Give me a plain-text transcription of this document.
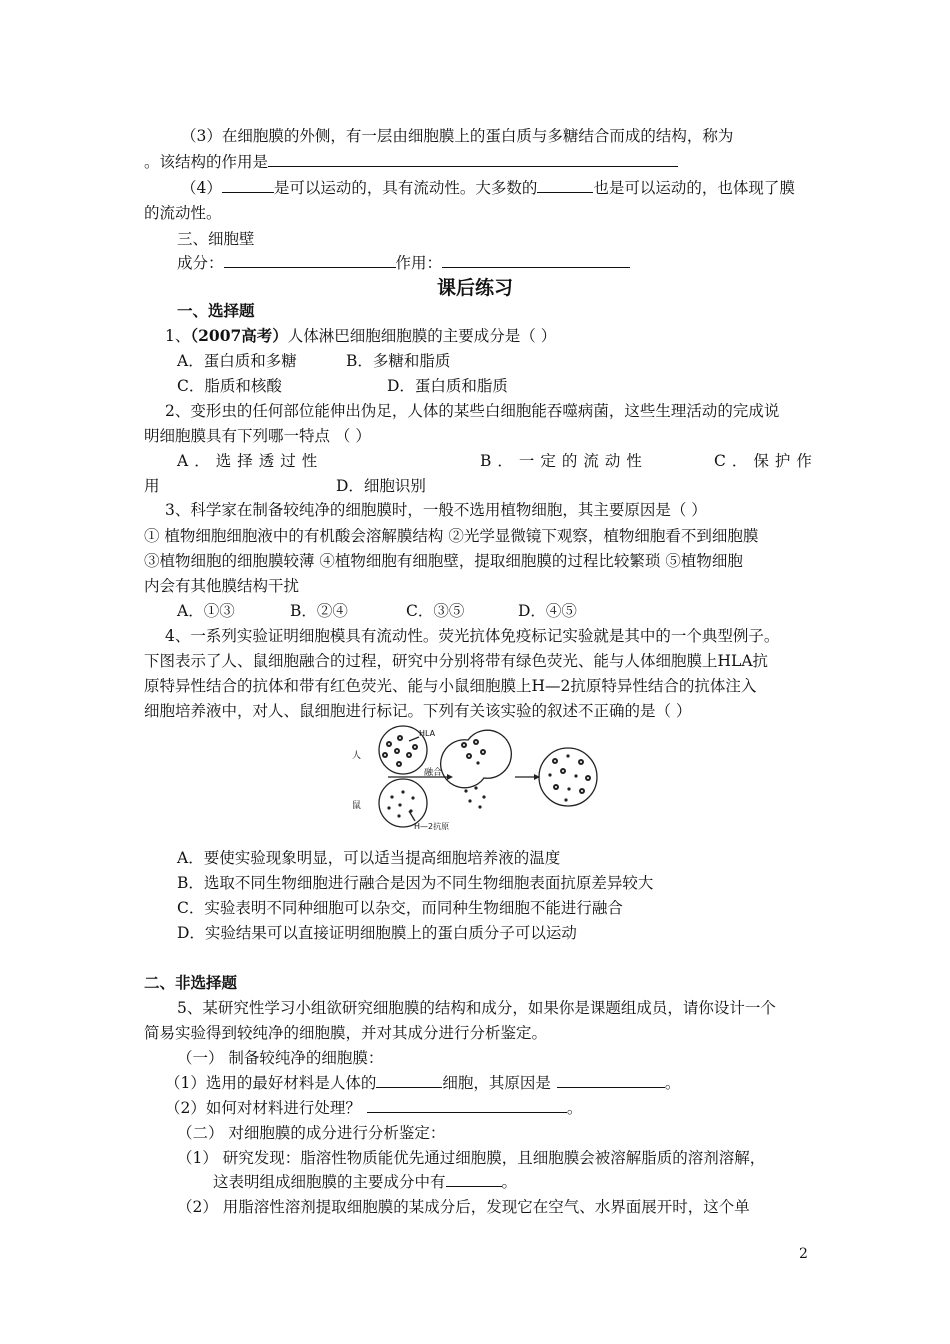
（3）在细胞膜的外侧，有一层由细胞膜上的蛋白质与多糖结合而成的结构，称为
。该结构的作用是
（4）	是可以运动的，具有流动性。大多数的	也是可以运动的，也体现了膜
的流动性。
三、细胞壁
成分：	作用：
课后练习
一、选择题
1、（2007高考）人体淋巴细胞细胞膜的主要成分是（ ）
A．蛋白质和多糖	B．多糖和脂质
C．脂质和核酸	D．蛋白质和脂质
2、变形虫的任何部位能伸出伪足，人体的某些白细胞能吞噬病菌，这些生理活动的完成说
明细胞膜具有下列哪一特点 （ ）
A．选择透过性	B．一定的流动性	C．保护作
用	D．细胞识别
3、科学家在制备较纯净的细胞膜时，一般不选用植物细胞，其主要原因是（ ）
① 植物细胞细胞液中的有机酸会溶解膜结构 ②光学显微镜下观察，植物细胞看不到细胞膜
③植物细胞的细胞膜较薄 ④植物细胞有细胞壁，提取细胞膜的过程比较繁琐 ⑤植物细胞
内会有其他膜结构干扰
A．①③	B．②④	C．③⑤	D．④⑤
4、一系列实验证明细胞模具有流动性。荧光抗体免疫标记实验就是其中的一个典型例子。
下图表示了人、鼠细胞融合的过程，研究中分别将带有绿色荧光、能与人体细胞膜上HLA抗
原特异性结合的抗体和带有红色荧光、能与小鼠细胞膜上H—2抗原特异性结合的抗体注入
细胞培养液中，对人、鼠细胞进行标记。下列有关该实验的叙述不正确的是（ ）
人
鼠
HLA
融合
H—2抗原
A．要使实验现象明显，可以适当提高细胞培养液的温度
B．选取不同生物细胞进行融合是因为不同生物细胞表面抗原差异较大
C．实验表明不同种细胞可以杂交，而同种生物细胞不能进行融合
D．实验结果可以直接证明细胞膜上的蛋白质分子可以运动
二、非选择题
5、某研究性学习小组欲研究细胞膜的结构和成分，如果你是课题组成员，请你设计一个
简易实验得到较纯净的细胞膜，并对其成分进行分析鉴定。
（一） 制备较纯净的细胞膜：
（1）选用的最好材料是人体的	细胞，其原因是	。
（2）如何对材料进行处理？	。
（二） 对细胞膜的成分进行分析鉴定：
（1） 研究发现：脂溶性物质能优先通过细胞膜，且细胞膜会被溶解脂质的溶剂溶解，
这表明组成细胞膜的主要成分中有	。
（2） 用脂溶性溶剂提取细胞膜的某成分后，发现它在空气、水界面展开时，这个单
2
